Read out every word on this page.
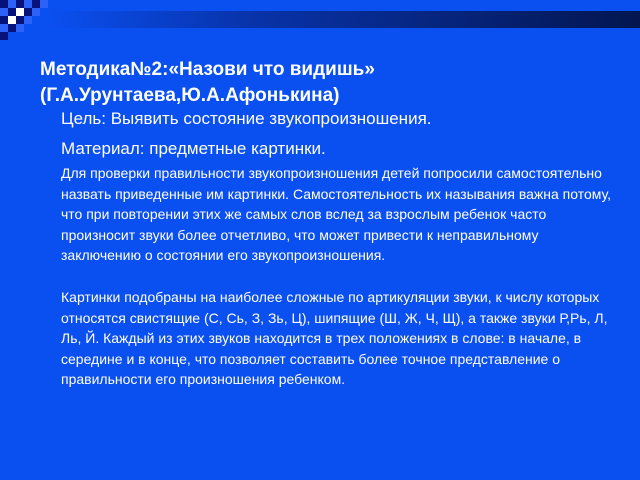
Методика№2:«Назови что видишь»
(Г.А.Урунтаева,Ю.А.Афонькина)

Цель: Выявить состояние звукопроизношения.

Материал: предметные картинки.

Для проверки правильности звукопроизношения детей попросили самостоятельно назвать приведенные им картинки. Самостоятельность их называния важна потому, что при повторении этих же самых слов вслед за взрослым ребенок часто произносит звуки более отчетливо, что может привести к неправильному заключению о состоянии его звукопроизношения.

Картинки подобраны на наиболее сложные по артикуляции звуки, к числу которых относятся свистящие (С, Сь, З, Зь, Ц), шипящие (Ш, Ж, Ч, Щ), а также звуки Р,Рь, Л, Ль, Й. Каждый из этих звуков находится в трех положениях в слове: в начале, в середине и в конце, что позволяет составить более точное представление о правильности его произношения ребенком.
